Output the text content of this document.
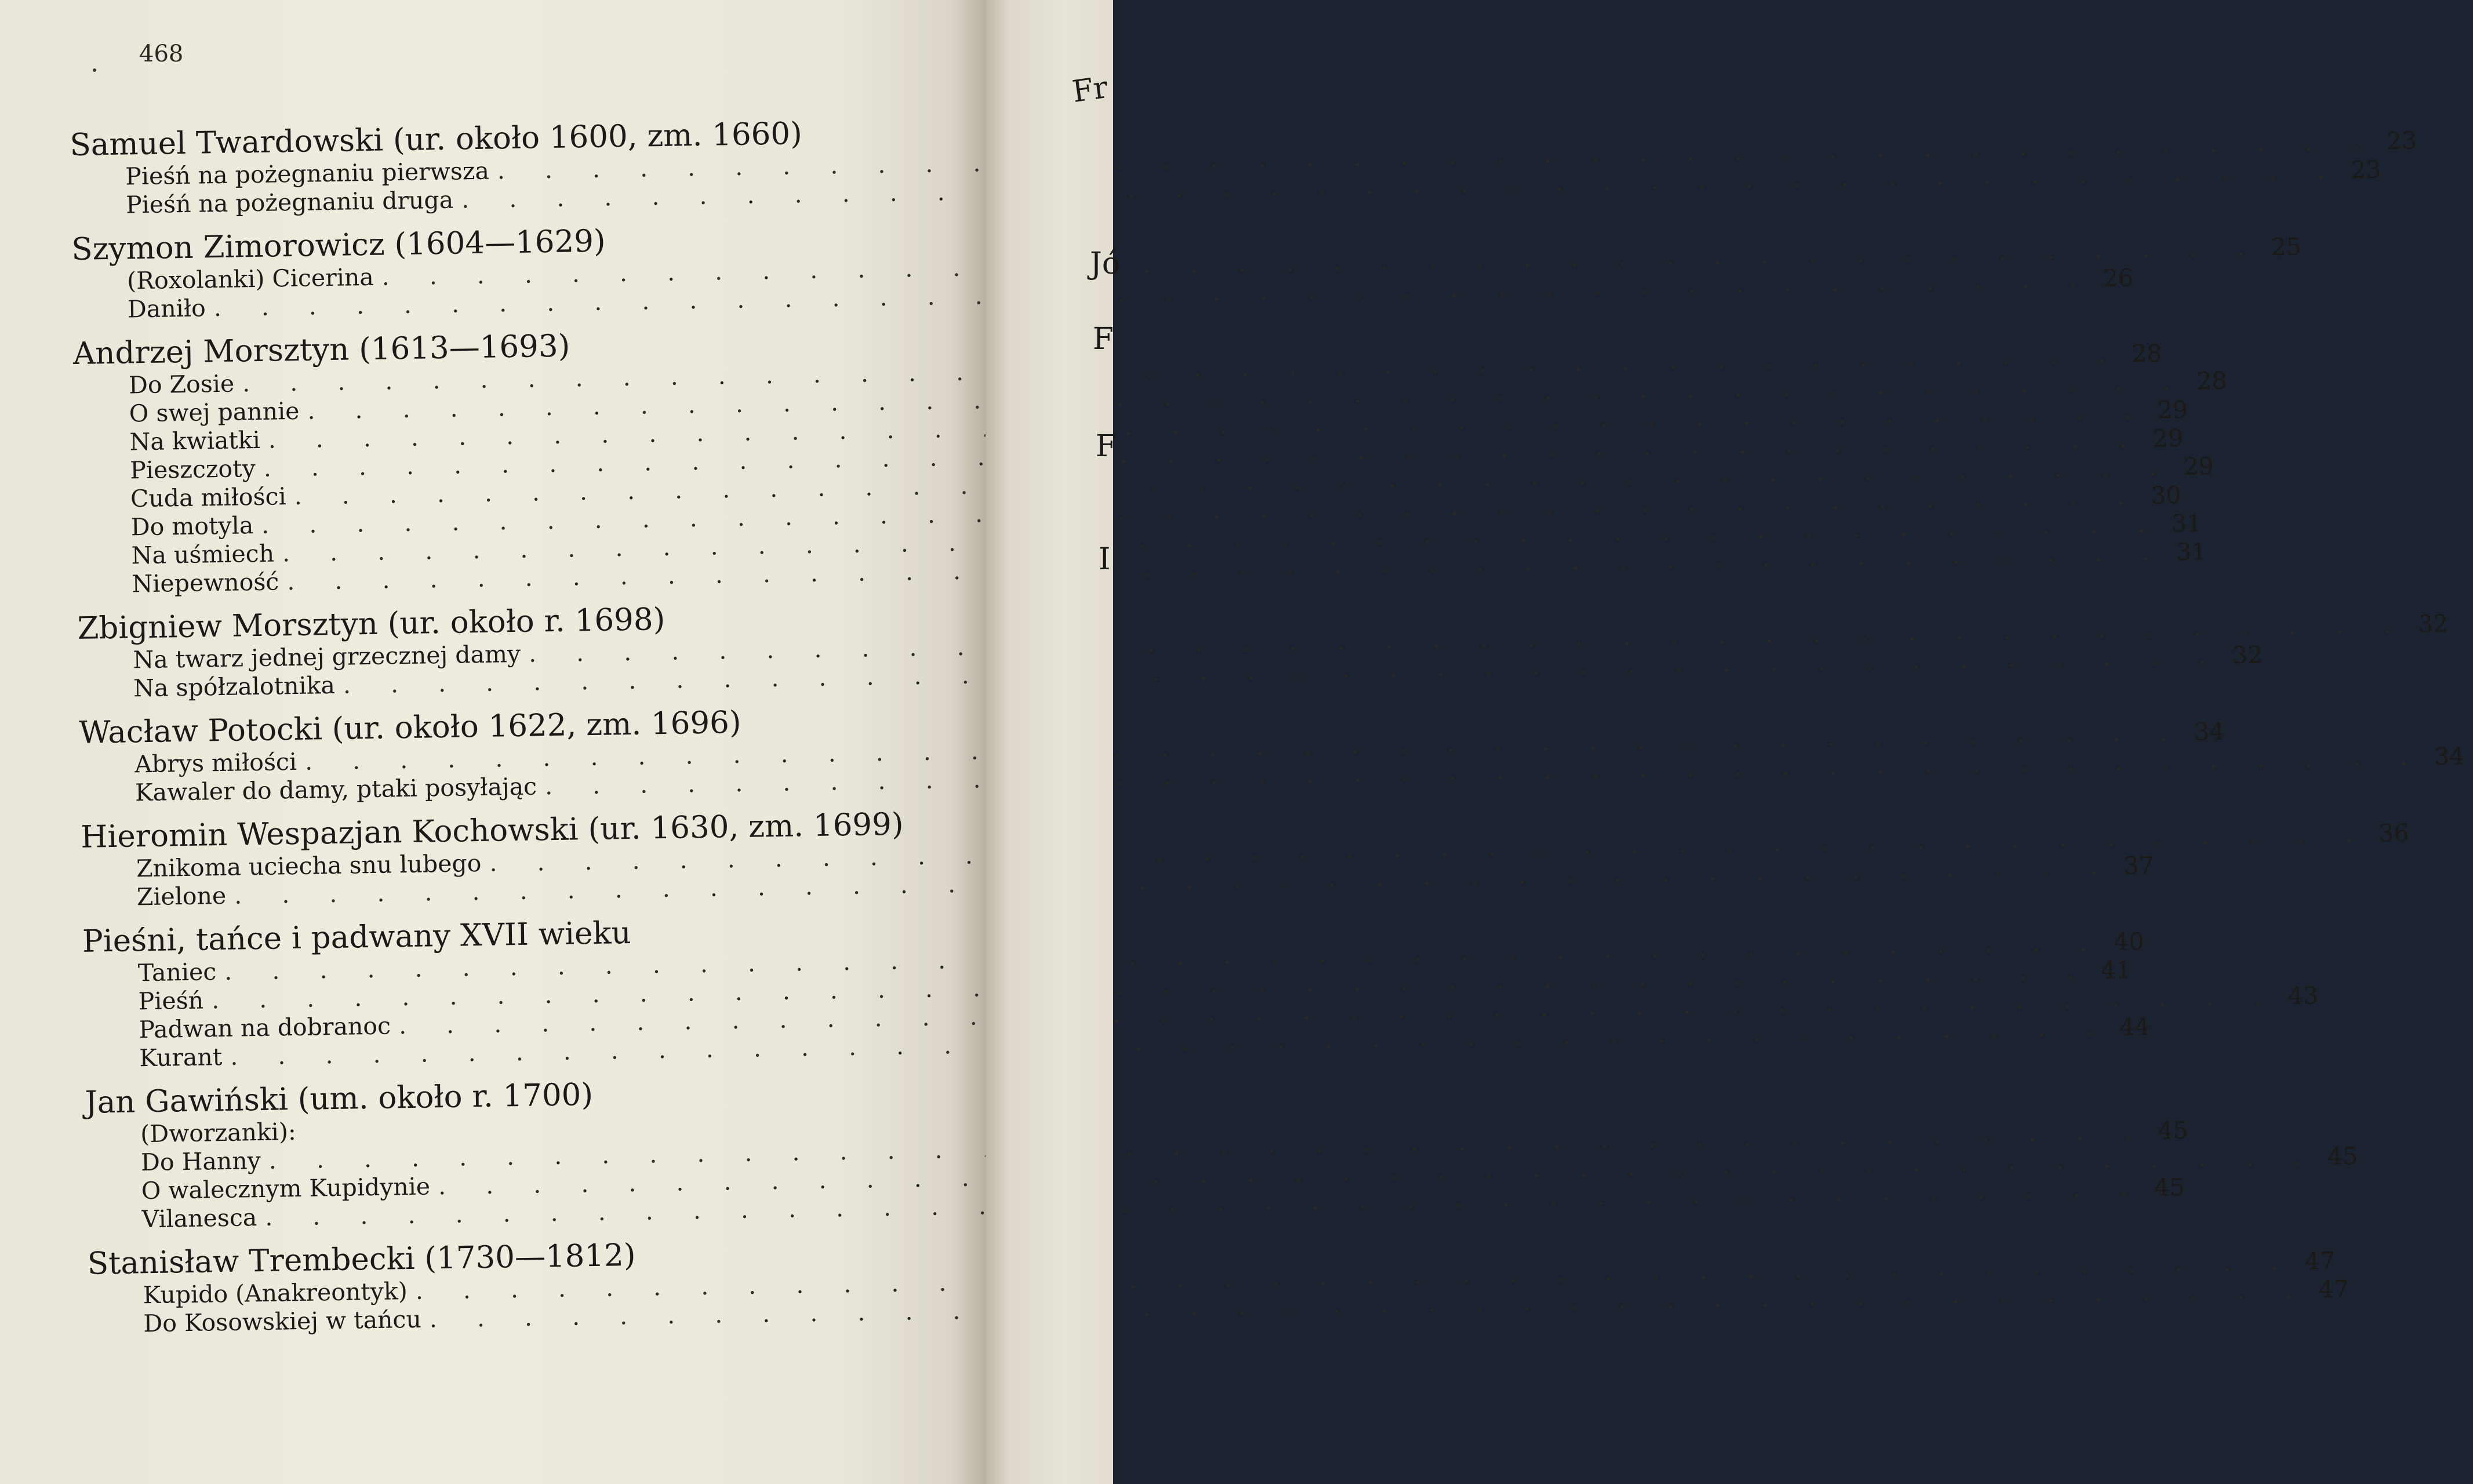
468
Samuel Twardowski (ur. około 1600, zm. 1660)
Pieśń na pożegnaniu pierwsza
. . .
23
Pieśń na pożegnaniu druga
. . .
23
Szymon Zimorowicz (1604—1629)
(Roxolanki) Cicerina
. . .
25
Daniło
. . .
26
Andrzej Morsztyn (1613—1693)
Do Zosie
. . .
28
O swej pannie
. . .
28
Na kwiatki
. . .
29
Pieszczoty
. . .
29
Cuda miłości
. . .
29
Do motyla
. . .
30
Na uśmiech
. . .
31
Niepewność
. . .
31
Zbigniew Morsztyn (ur. około r. 1698)
Na twarz jednej grzecznej damy
. . .
32
Na spółzalotnika
. . .
32
Wacław Potocki (ur. około 1622, zm. 1696)
Abrys miłości
. . .
34
Kawaler do damy, ptaki posyłając
. . .
34
Hieromin Wespazjan Kochowski (ur. 1630, zm. 1699)
Znikoma uciecha snu lubego
. . .
36
Zielone
. . .
37
Pieśni, tańce i padwany XVII wieku
Taniec
. . .
40
Pieśń
. . .
41
Padwan na dobranoc
. . .
43
Kurant
. . .
44
Jan Gawiński (um. około r. 1700)
(Dworzanki):
Do Hanny
. . .
45
O walecznym Kupidynie
. . .
45
Vilanesca
. . .
45
Stanisław Trembecki (1730—1812)
Kupido (Anakreontyk)
. . .
47
Do Kosowskiej w tańcu
. . .
47
Fr
Jó
F
F
I
